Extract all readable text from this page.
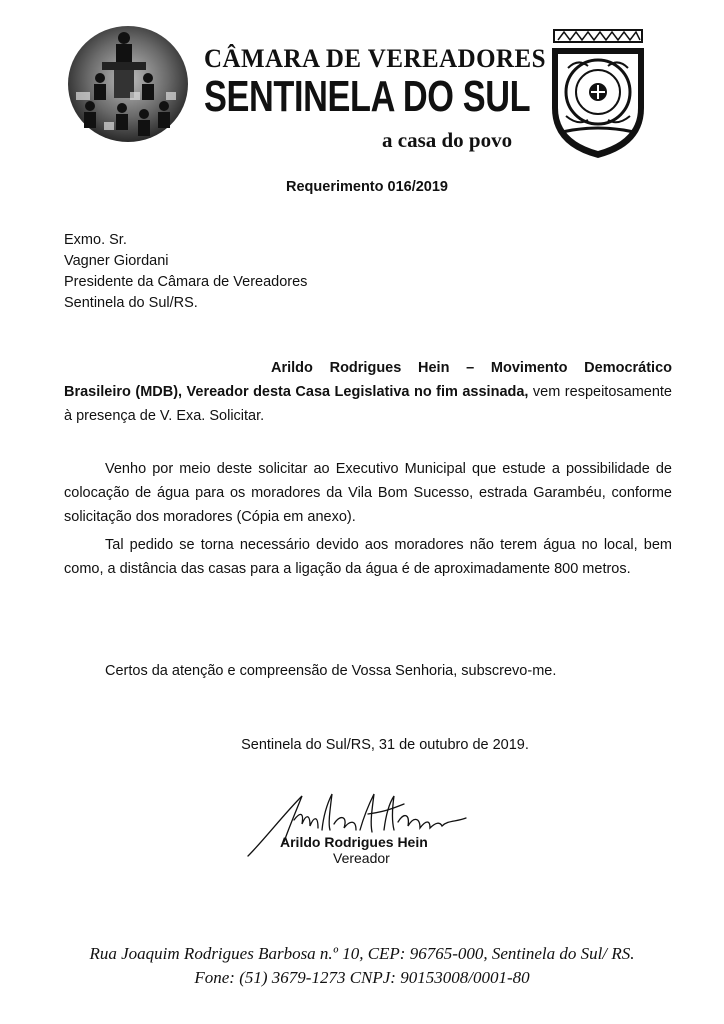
CÂMARA DE VEREADORES
SENTINELA DO SUL
a casa do povo
Requerimento 016/2019
Exmo. Sr.
Vagner Giordani
Presidente da Câmara de Vereadores
Sentinela do Sul/RS.
Arildo Rodrigues Hein – Movimento Democrático Brasileiro (MDB), Vereador desta Casa Legislativa no fim assinada, vem respeitosamente à presença de V. Exa. Solicitar.
Venho por meio deste solicitar ao Executivo Municipal que estude a possibilidade de colocação de água para os moradores da Vila Bom Sucesso, estrada Garambéu, conforme solicitação dos moradores (Cópia em anexo).
Tal pedido se torna necessário devido aos moradores não terem água no local, bem como, a distância das casas para a ligação da água é de aproximadamente 800 metros.
Certos da atenção e compreensão de Vossa Senhoria, subscrevo-me.
Sentinela do Sul/RS, 31 de outubro de 2019.
Arildo Rodrigues Hein
Vereador
Rua Joaquim Rodrigues Barbosa n.º 10, CEP: 96765-000, Sentinela do Sul/ RS.
Fone: (51) 3679-1273 CNPJ: 90153008/0001-80
